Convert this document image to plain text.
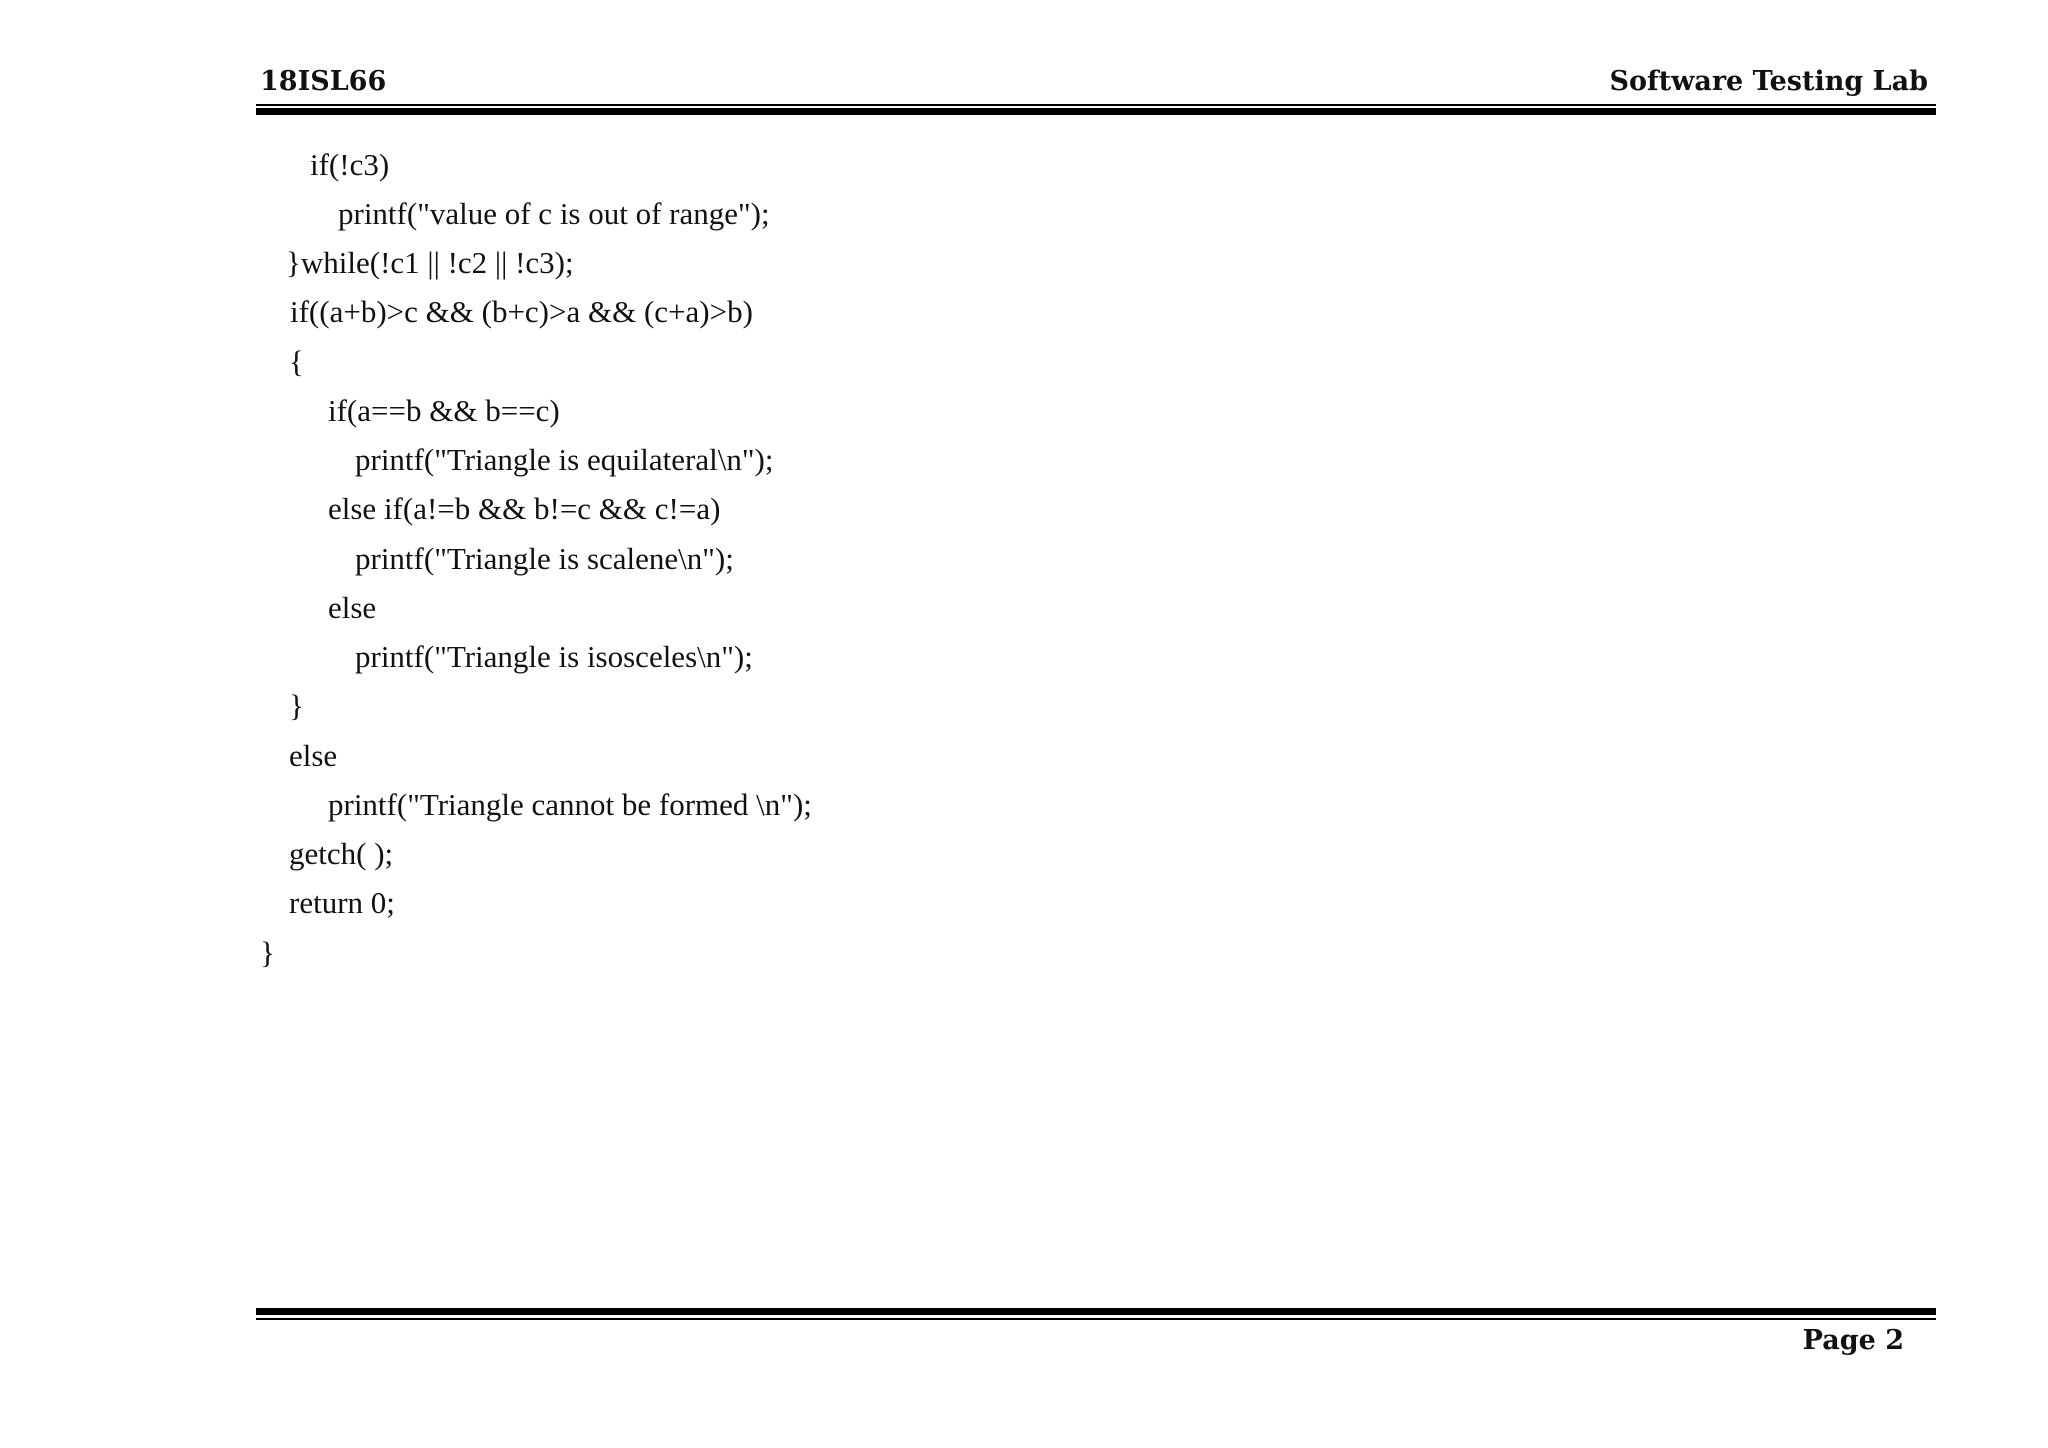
18ISL66	Software Testing Lab
if(!c3)
printf("value of c is out of range");
}while(!c1 || !c2 || !c3);
if((a+b)>c && (b+c)>a && (c+a)>b)
{
if(a==b && b==c)
printf("Triangle is equilateral\n");
else if(a!=b && b!=c && c!=a)
printf("Triangle is scalene\n");
else
printf("Triangle is isosceles\n");
}
else
printf("Triangle cannot be formed \n");
getch( );
return 0;
}
Page 2
